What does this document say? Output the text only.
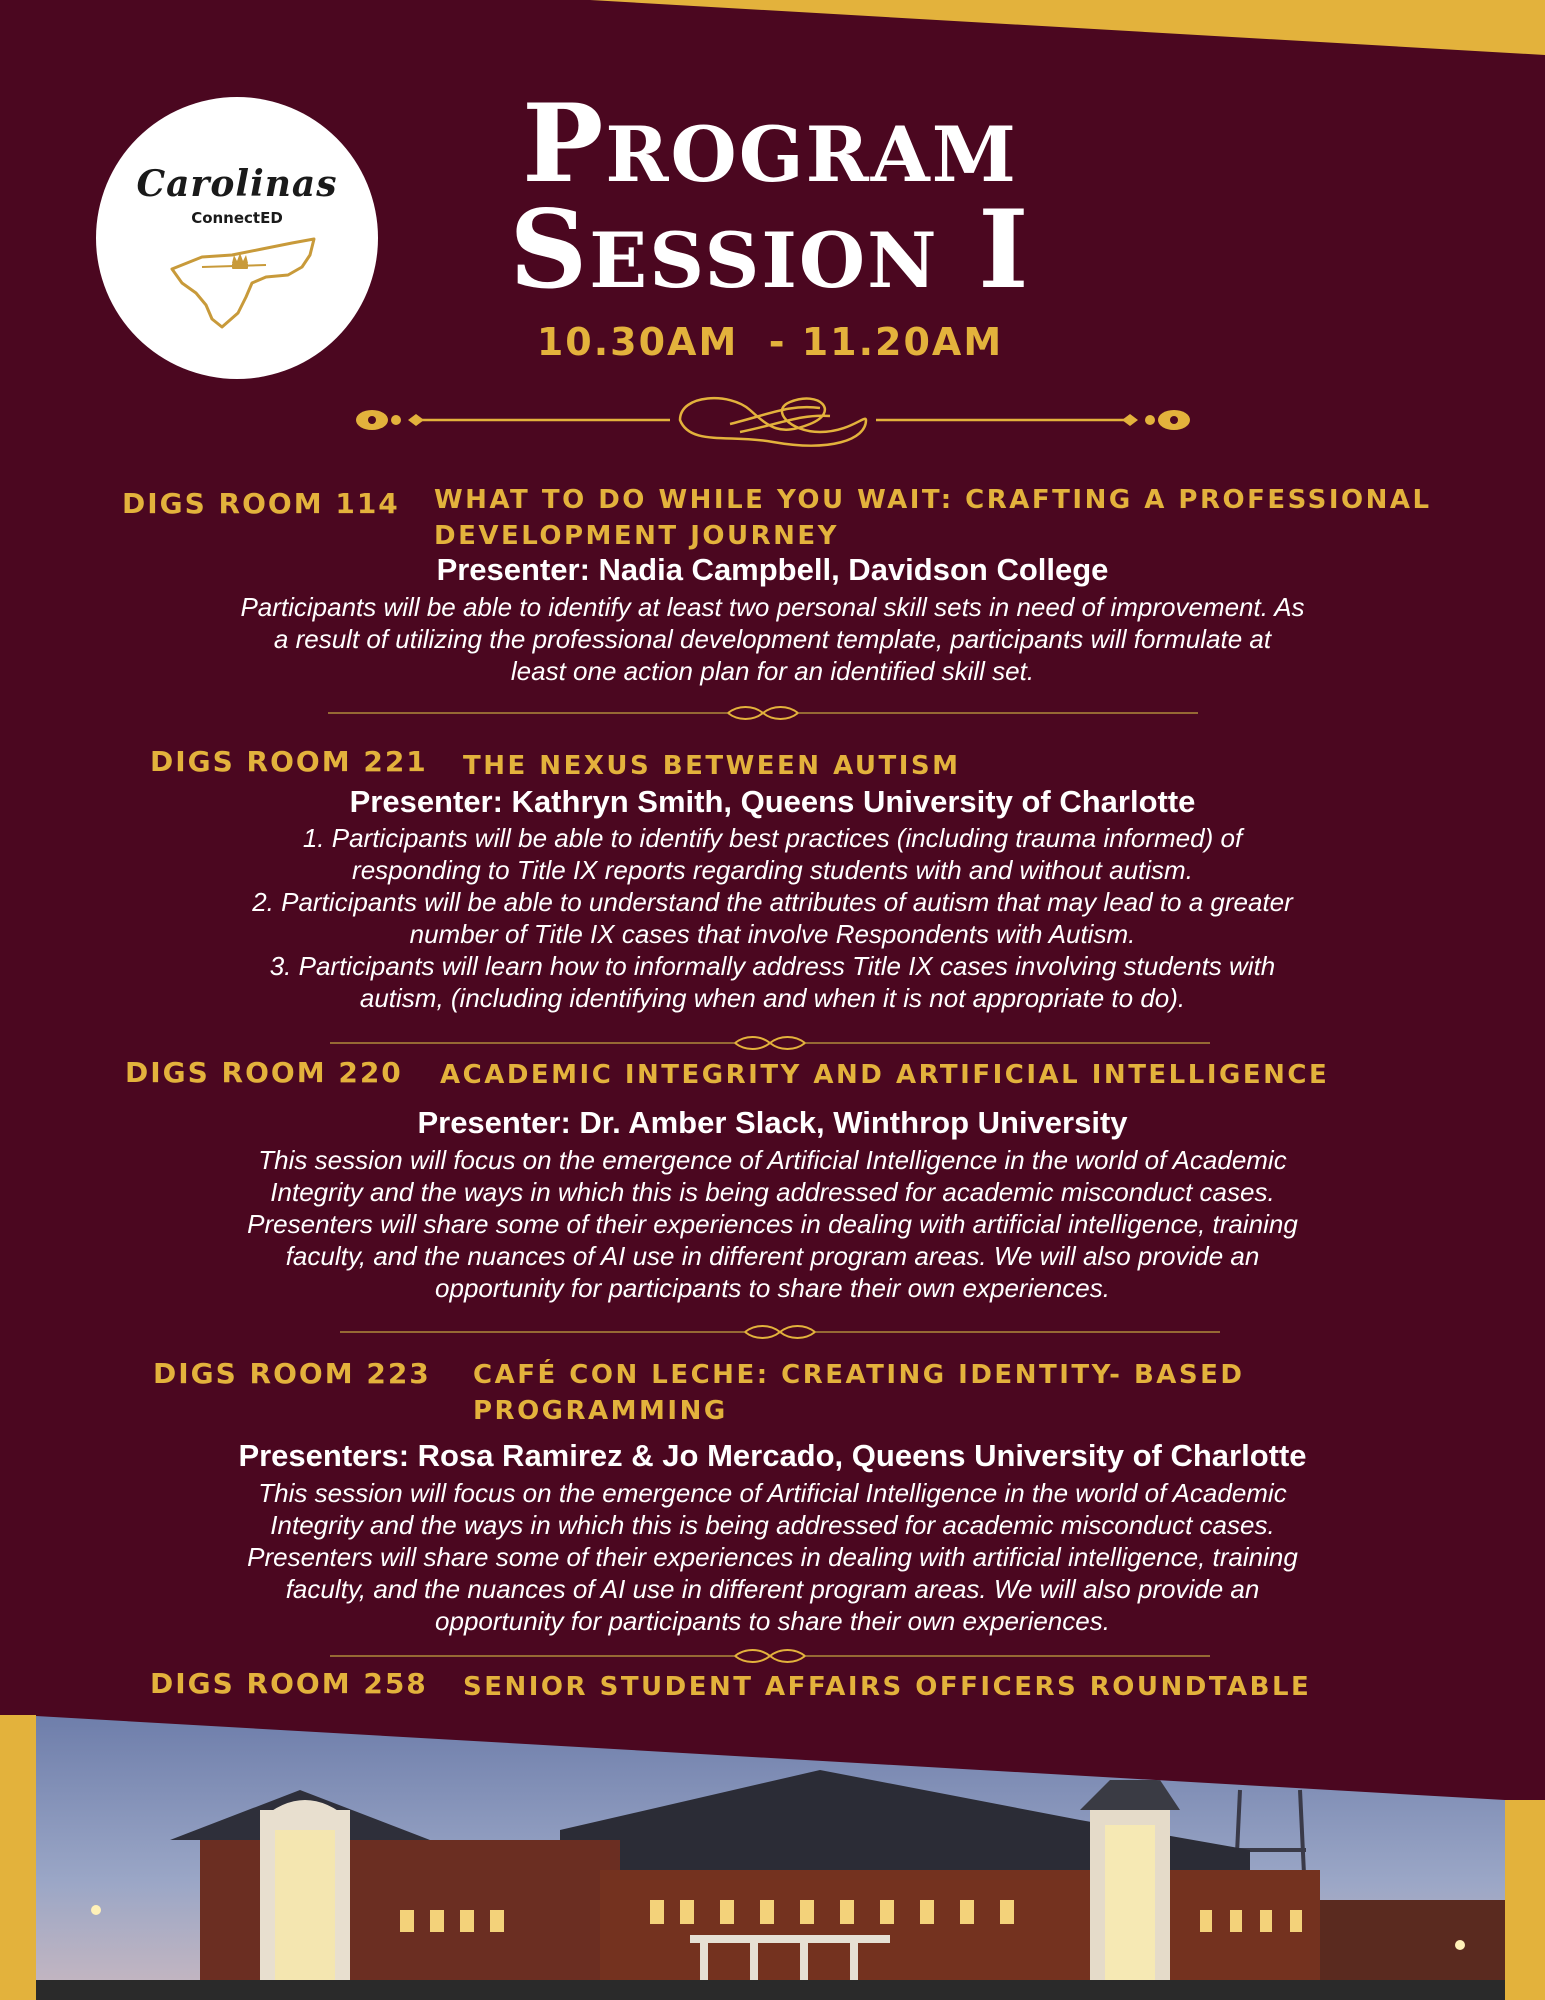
Carolinas
ConnectED
Program
Session I
10.30AM  - 11.20AM
DIGS ROOM 114 WHAT TO DO WHILE YOU WAIT: CRAFTING A PROFESSIONAL
DEVELOPMENT JOURNEY
Presenter: Nadia Campbell, Davidson College
Participants will be able to identify at least two personal skill sets in need of improvement. As
a result of utilizing the professional development template, participants will formulate at
least one action plan for an identified skill set.
DIGS ROOM 221 THE NEXUS BETWEEN AUTISM
Presenter: Kathryn Smith, Queens University of Charlotte
1. Participants will be able to identify best practices (including trauma informed) of
responding to Title IX reports regarding students with and without autism.
2. Participants will be able to understand the attributes of autism that may lead to a greater
number of Title IX cases that involve Respondents with Autism.
3. Participants will learn how to informally address Title IX cases involving students with
autism, (including identifying when and when it is not appropriate to do).
DIGS ROOM 220 ACADEMIC INTEGRITY AND ARTIFICIAL INTELLIGENCE
Presenter: Dr. Amber Slack, Winthrop University
This session will focus on the emergence of Artificial Intelligence in the world of Academic
Integrity and the ways in which this is being addressed for academic misconduct cases.
Presenters will share some of their experiences in dealing with artificial intelligence, training
faculty, and the nuances of AI use in different program areas. We will also provide an
opportunity for participants to share their own experiences.
DIGS ROOM 223 CAFÉ CON LECHE: CREATING IDENTITY- BASED
PROGRAMMING
Presenters: Rosa Ramirez & Jo Mercado, Queens University of Charlotte
This session will focus on the emergence of Artificial Intelligence in the world of Academic
Integrity and the ways in which this is being addressed for academic misconduct cases.
Presenters will share some of their experiences in dealing with artificial intelligence, training
faculty, and the nuances of AI use in different program areas. We will also provide an
opportunity for participants to share their own experiences.
DIGS ROOM 258 SENIOR STUDENT AFFAIRS OFFICERS ROUNDTABLE
